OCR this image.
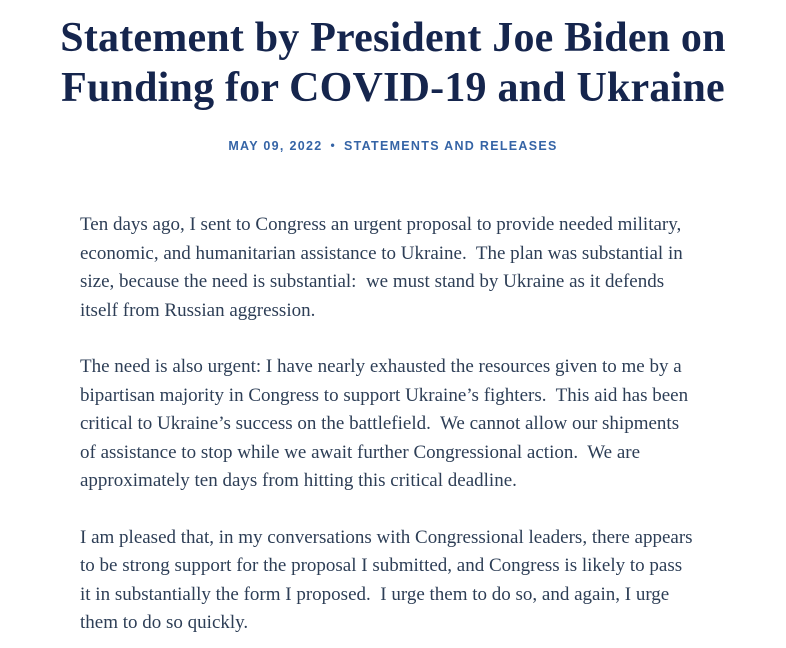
Statement by President Joe Biden on
Funding for COVID-19 and Ukraine
MAY 09, 2022 • STATEMENTS AND RELEASES

Ten days ago, I sent to Congress an urgent proposal to provide needed military, economic, and humanitarian assistance to Ukraine.  The plan was substantial in size, because the need is substantial:  we must stand by Ukraine as it defends itself from Russian aggression.

The need is also urgent: I have nearly exhausted the resources given to me by a bipartisan majority in Congress to support Ukraine’s fighters.  This aid has been critical to Ukraine’s success on the battlefield.  We cannot allow our shipments of assistance to stop while we await further Congressional action.  We are approximately ten days from hitting this critical deadline.

I am pleased that, in my conversations with Congressional leaders, there appears to be strong support for the proposal I submitted, and Congress is likely to pass it in substantially the form I proposed.  I urge them to do so, and again, I urge them to do so quickly.
